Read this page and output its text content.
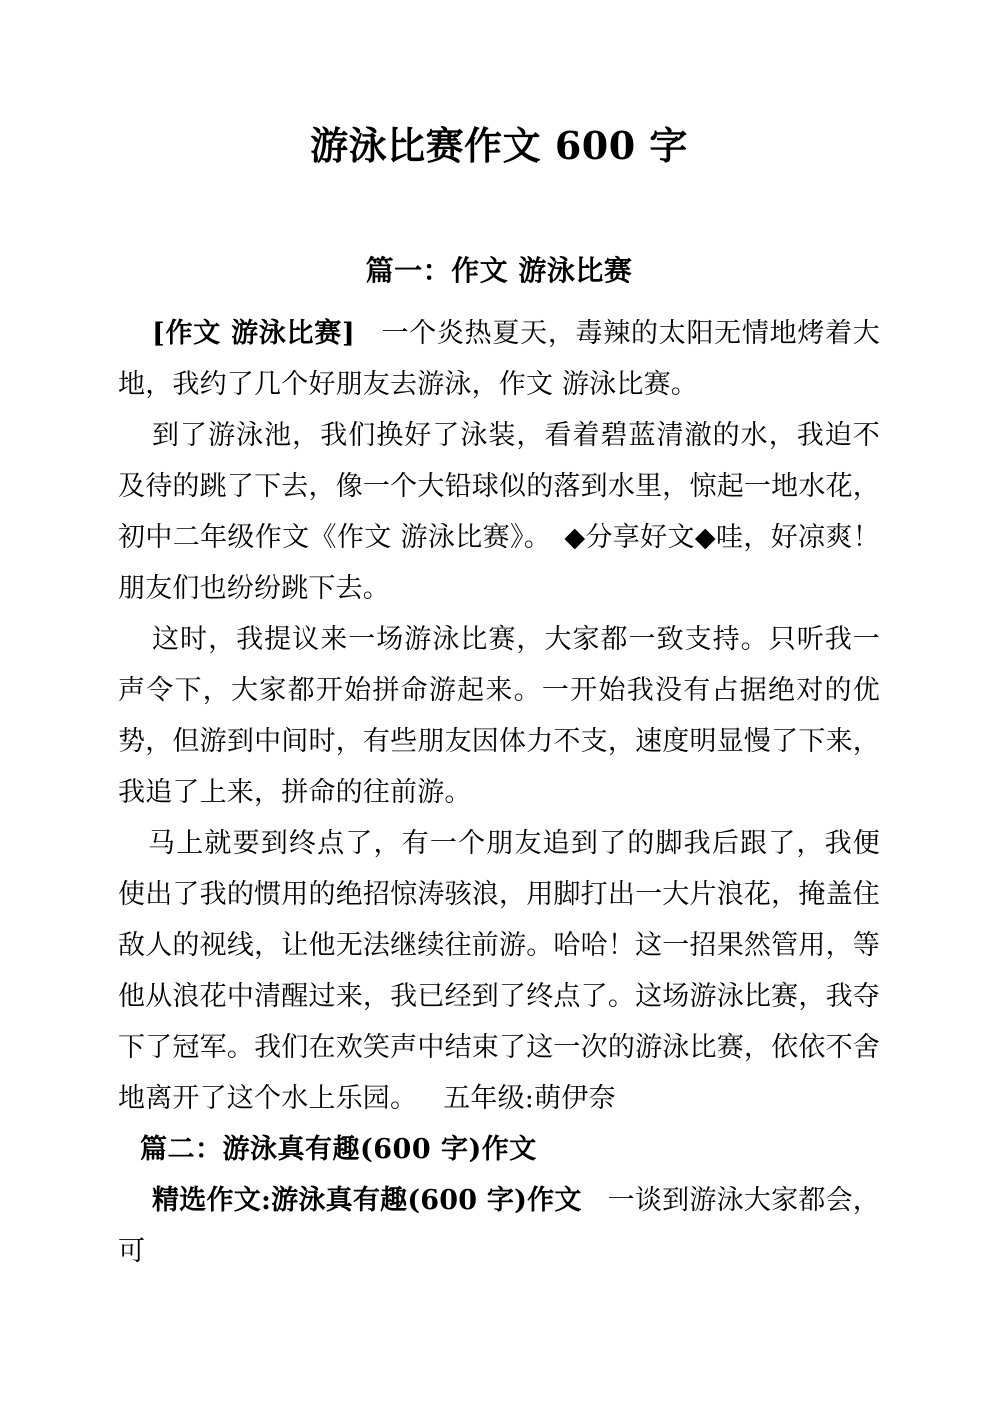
游泳比赛作文 600 字
篇一：作文 游泳比赛

[作文 游泳比赛] 一个炎热夏天，毒辣的太阳无情地烤着大地，我约了几个好朋友去游泳，作文 游泳比赛。

到了游泳池，我们换好了泳装，看着碧蓝清澈的水，我迫不及待的跳了下去，像一个大铅球似的落到水里，惊起一地水花，初中二年级作文《作文 游泳比赛》。 ◆分享好文◆哇，好凉爽！朋友们也纷纷跳下去。

这时，我提议来一场游泳比赛，大家都一致支持。只听我一声令下，大家都开始拼命游起来。一开始我没有占据绝对的优势，但游到中间时，有些朋友因体力不支，速度明显慢了下来，我追了上来，拼命的往前游。

马上就要到终点了，有一个朋友追到了的脚我后跟了，我便使出了我的惯用的绝招惊涛骇浪，用脚打出一大片浪花，掩盖住敌人的视线，让他无法继续往前游。哈哈！这一招果然管用，等他从浪花中清醒过来，我已经到了终点了。这场游泳比赛，我夺下了冠军。我们在欢笑声中结束了这一次的游泳比赛，依依不舍地离开了这个水上乐园。 五年级:萌伊奈

篇二：游泳真有趣(600 字)作文

精选作文:游泳真有趣(600 字)作文 一谈到游泳大家都会，可
